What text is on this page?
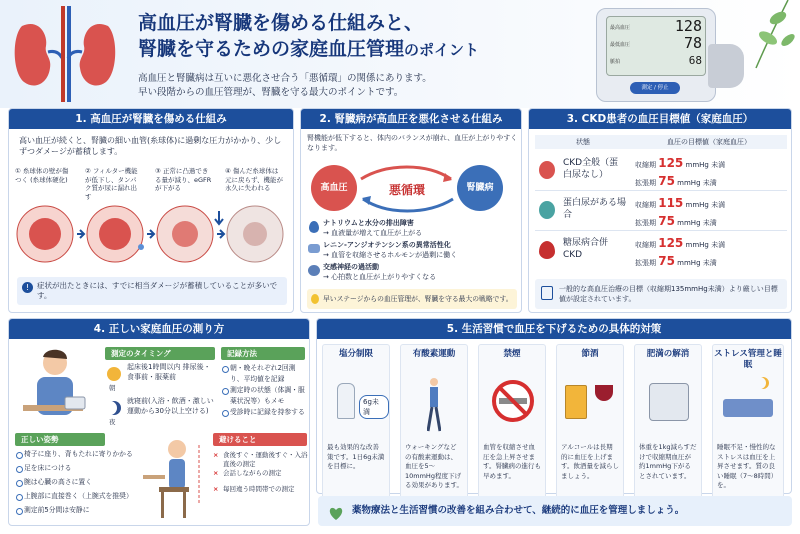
高血圧が腎臓を傷める仕組みと、
腎臓を守るための家庭血圧管理のポイント
高血圧と腎臓病は互いに悪化させ合う「悪循環」の関係にあります。
早い段階からの血圧管理が、腎臓を守る最大のポイントです。
最高血圧
最低血圧
脈拍
128
78
68
測定 / 停止
1. 高血圧が腎臓を傷める仕組み
高い血圧が続くと、腎臓の細い血管(糸球体)に過剰な圧力がかかり、少しずつダメージが蓄積します。
① 糸球体の壁が傷つく (糸球体硬化)
② フィルター機能が低下し、タンパク質が尿に漏れ出す
③ 正常に凸過できる量が減り、eGFRが下がる
④ 傷んだ糸球体は元に戻らず、機能が永久に失われる
!	症状が出たときには、すでに相当ダメージが蓄積していることが多いです。
2. 腎臓病が高血圧を悪化させる仕組み
腎機能が低下すると、体内のバランスが崩れ、血圧が上がりやすくなります。
高血圧	腎臓病
悪循環
ナトリウムと水分の排出障害
→ 血液量が増えて血圧が上がる
レニン-アンジオテンシン系の異常活性化
→ 血管を収縮させるホルモンが過剰に働く
交感神経の過活動
→ 心拍数と血圧が上がりやすくなる
早いステージからの血圧管理が、腎臓を守る最大の戦略です。
3. CKD患者の血圧目標値（家庭血圧）
状態	血圧の目標値（家庭血圧）
CKD全般（蛋白尿なし）
収縮期 125 mmHg 未満
拡張期 75 mmHg 未満
蛋白尿がある場合
収縮期 115 mmHg 未満
拡張期 75 mmHg 未満
糖尿病合併CKD
収縮期 125 mmHg 未満
拡張期 75 mmHg 未満
一般的な高血圧治療の目標（収縮期135mmHg未満）より厳しい目標値が設定されています。
4. 正しい家庭血圧の測り方
測定のタイミング
朝
起床後1時間以内 排尿後・食事前・服薬前
夜
就寝前(入浴・飲酒・激しい運動から30分以上空ける)
記録方法
朝・晩それぞれ2回測り、平均値を記録
測定時の状態（体調・服薬状況等）もメモ
受診時に記録を持参する
正しい姿勢
椅子に座り、背もたれに寄りかかる
足を床につける
腕は心臓の高さに置く
上腕部に直接巻く（上腕式を推奨）
測定前5分間は安静に
避けること
× 食後すぐ・運動後すぐ・入浴直後の測定
× 会話しながらの測定
× 毎回違う時間帯での測定
5. 生活習慣で血圧を下げるための具体的対策
塩分制限
6g未満
最も効果的な改善策です。1日6g未満を目標に。
有酸素運動
ウォーキングなどの有酸素運動は、血圧を5〜10mmHg程度下げる効果があります。
禁煙
血管を収縮させ血圧を急上昇させます。腎臓病の進行も早めます。
節酒
アルコールは長期的に血圧を上げます。飲酒量を減らしましょう。
肥満の解消
体重を1kg減らすだけで収縮期血圧が約1mmHg下がるとされています。
ストレス管理と睡眠
睡眠不足・慢性的なストレスは血圧を上昇させます。質の良い睡眠（7〜8時間）を。
薬物療法と生活習慣の改善を組み合わせて、継続的に血圧を管理しましょう。
